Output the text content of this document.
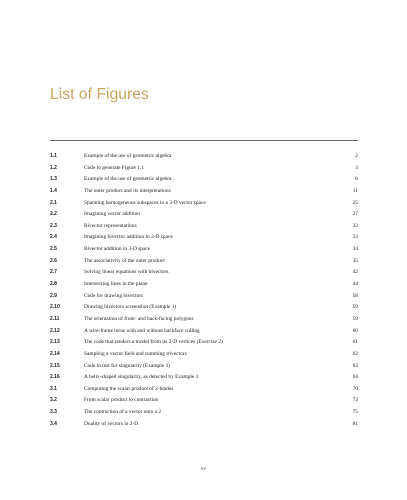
List of Figures
1.1	Example of the use of geometric algebra	2
1.2	Code to generate Figure 1.1	3
1.3	Example of the use of geometric algebra	6
1.4	The outer product and its interpretations	11
2.1	Spanning homogeneous subspaces in a 3-D vector space	25
2.2	Imagining vector addition	27
2.3	Bivector representations	32
2.4	Imagining bivector addition in 2-D space	33
2.5	Bivector addition in 3-D space	34
2.6	The associativity of the outer product	35
2.7	Solving linear equations with bivectors	42
2.8	Intersecting lines in the plane	44
2.9	Code for drawing bivectors	58
2.10	Drawing bivectors screenshot (Example 1)	59
2.11	The orientation of front- and back-facing polygons	59
2.12	A wire-frame torus with and without backface culling	60
2.13	The code that renders a model from its 2-D vertices (Exercise 2)	61
2.14	Sampling a vector field and summing trivectors	62
2.15	Code to test for singularity (Example 3)	63
2.16	A helix-shaped singularity, as detected by Example 3	64
3.1	Computing the scalar product of 2-blades	70
3.2	From scalar product to contraction	72
3.3	The contraction of a vector onto a 2	75
3.4	Duality of vectors in 2-D	81
xv
